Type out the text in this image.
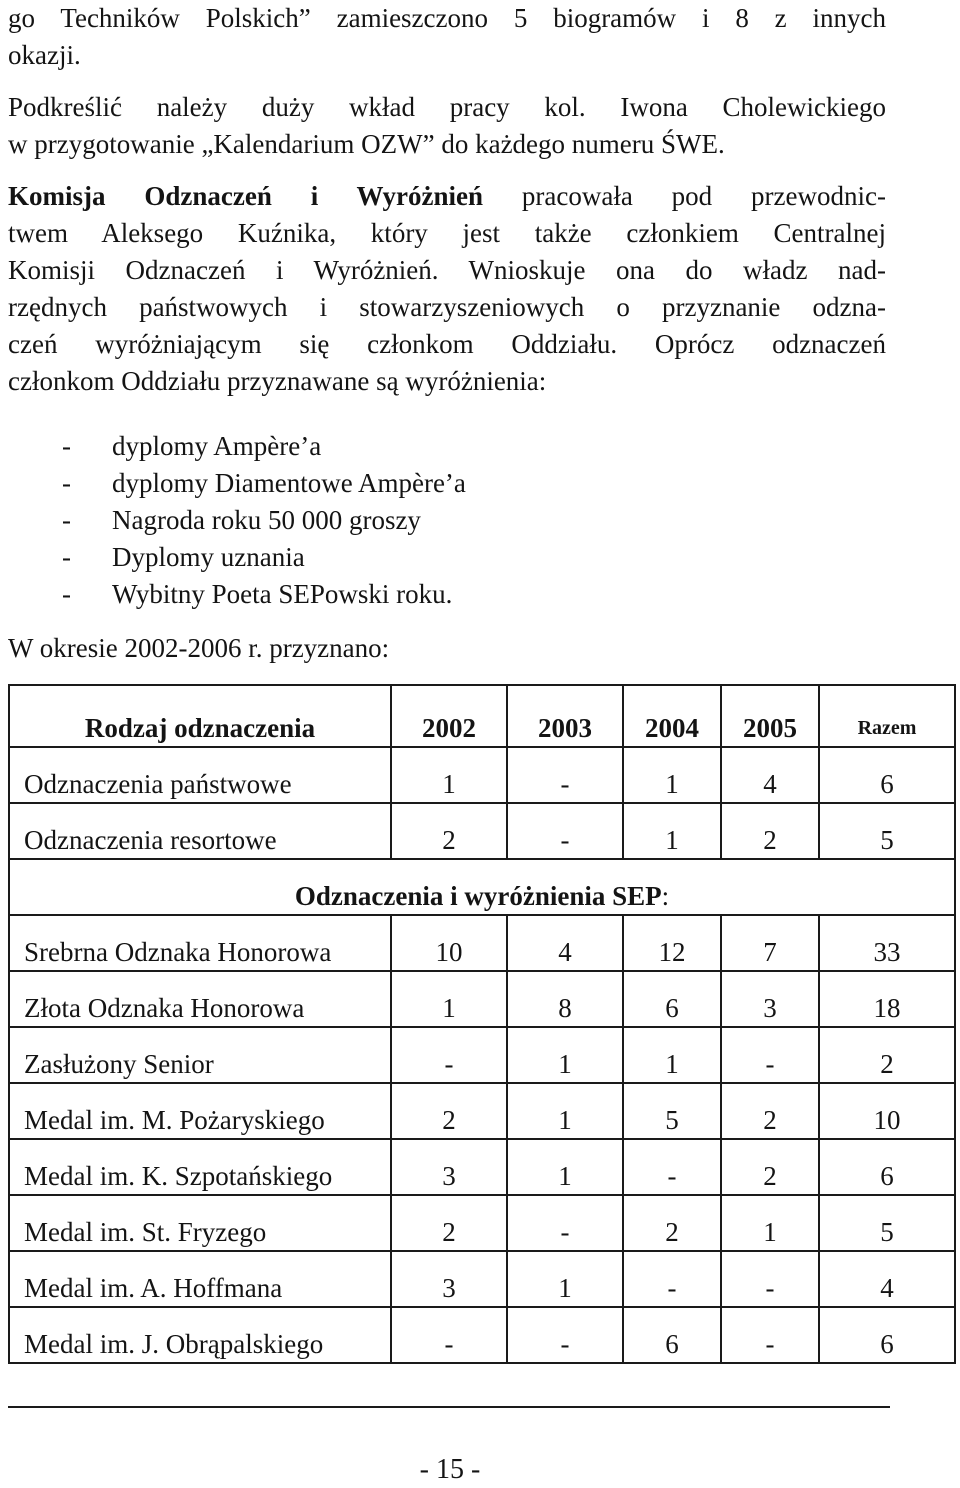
go Techników Polskich” zamieszczono 5 biogramów i 8 z innych
okazji.
Podkreślić należy duży wkład pracy kol. Iwona Cholewickiego
w przygotowanie „Kalendarium OZW” do każdego numeru ŚWE.
Komisja Odznaczeń i Wyróżnień pracowała pod przewodnic-
twem Aleksego Kuźnika, który jest także członkiem Centralnej
Komisji Odznaczeń i Wyróżnień. Wnioskuje ona do władz nad-
rzędnych państwowych i stowarzyszeniowych o przyznanie odzna-
czeń wyróżniającym się członkom Oddziału. Oprócz odznaczeń
członkom Oddziału przyznawane są wyróżnienia:
- dyplomy Ampère’a
- dyplomy Diamentowe Ampère’a
- Nagroda roku 50 000 groszy
- Dyplomy uznania
- Wybitny Poeta SEPowski roku.
W okresie 2002-2006 r. przyznano:
Rodzaj odznaczenia	2002	2003	2004	2005	Razem
Odznaczenia państwowe	1	-	1	4	6
Odznaczenia resortowe	2	-	1	2	5
Odznaczenia i wyróżnienia SEP:					
Srebrna Odznaka Honorowa	10	4	12	7	33
Złota Odznaka Honorowa	1	8	6	3	18
Zasłużony Senior	-	1	1	-	2
Medal im. M. Pożaryskiego	2	1	5	2	10
Medal im. K. Szpotańskiego	3	1	-	2	6
Medal im. St. Fryzego	2	-	2	1	5
Medal im. A. Hoffmana	3	1	-	-	4
Medal im. J. Obrąpalskiego	-	-	6	-	6
- 15 -
